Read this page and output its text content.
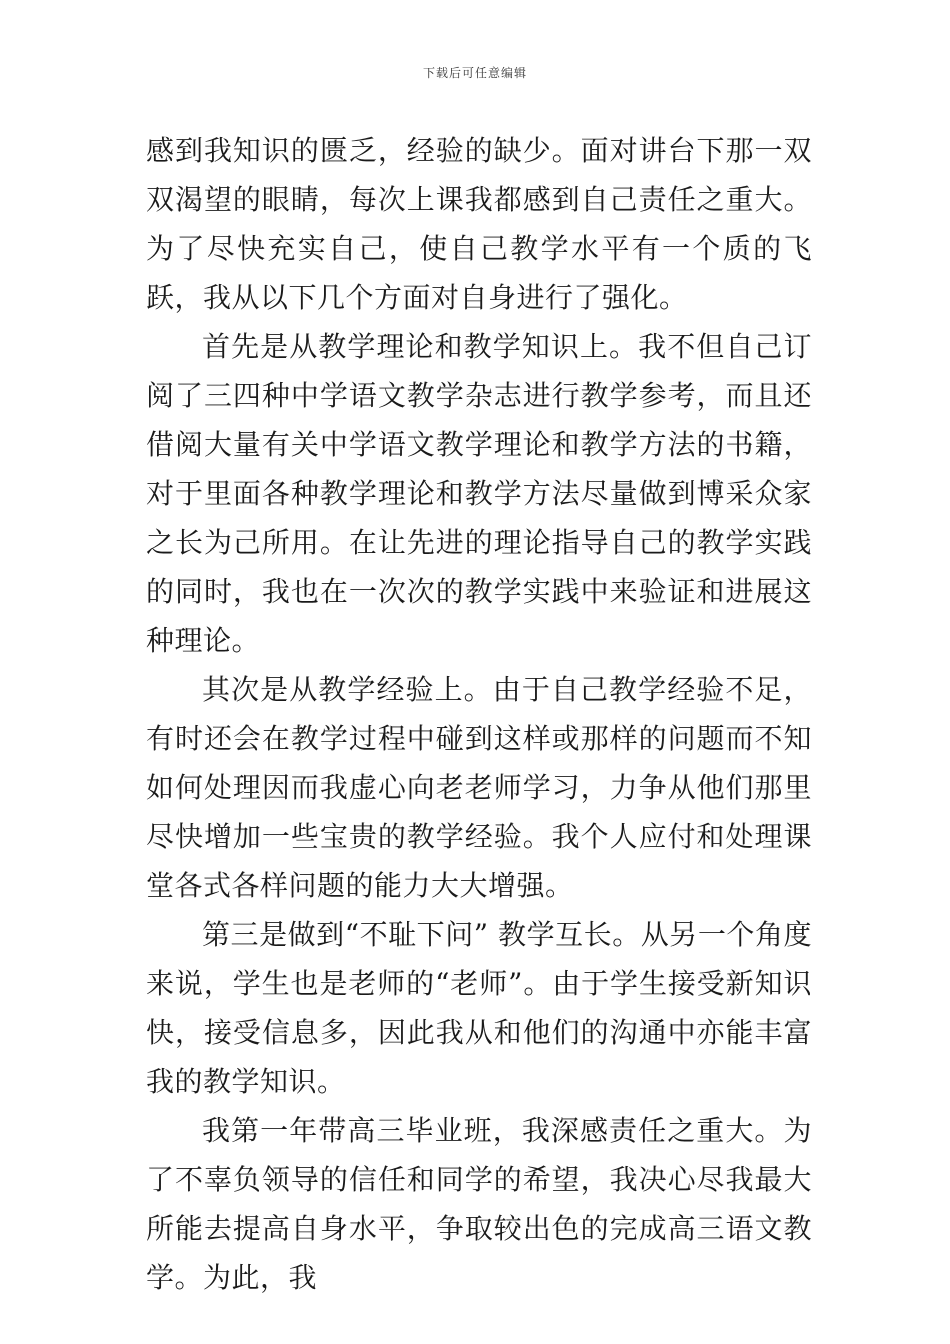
下载后可任意编辑

感到我知识的匮乏，经验的缺少。面对讲台下那一双双渴望的眼睛，每次上课我都感到自己责任之重大。为了尽快充实自己，使自己教学水平有一个质的飞跃，我从以下几个方面对自身进行了强化。

首先是从教学理论和教学知识上。我不但自己订阅了三四种中学语文教学杂志进行教学参考，而且还借阅大量有关中学语文教学理论和教学方法的书籍，对于里面各种教学理论和教学方法尽量做到博采众家之长为己所用。在让先进的理论指导自己的教学实践的同时，我也在一次次的教学实践中来验证和进展这种理论。

其次是从教学经验上。由于自己教学经验不足，有时还会在教学过程中碰到这样或那样的问题而不知如何处理因而我虚心向老老师学习，力争从他们那里尽快增加一些宝贵的教学经验。我个人应付和处理课堂各式各样问题的能力大大增强。

第三是做到“不耻下问” 教学互长。从另一个角度来说，学生也是老师的“老师”。由于学生接受新知识快，接受信息多，因此我从和他们的沟通中亦能丰富我的教学知识。

我第一年带高三毕业班，我深感责任之重大。为了不辜负领导的信任和同学的希望，我决心尽我最大所能去提高自身水平，争取较出色的完成高三语文教学。为此，我
